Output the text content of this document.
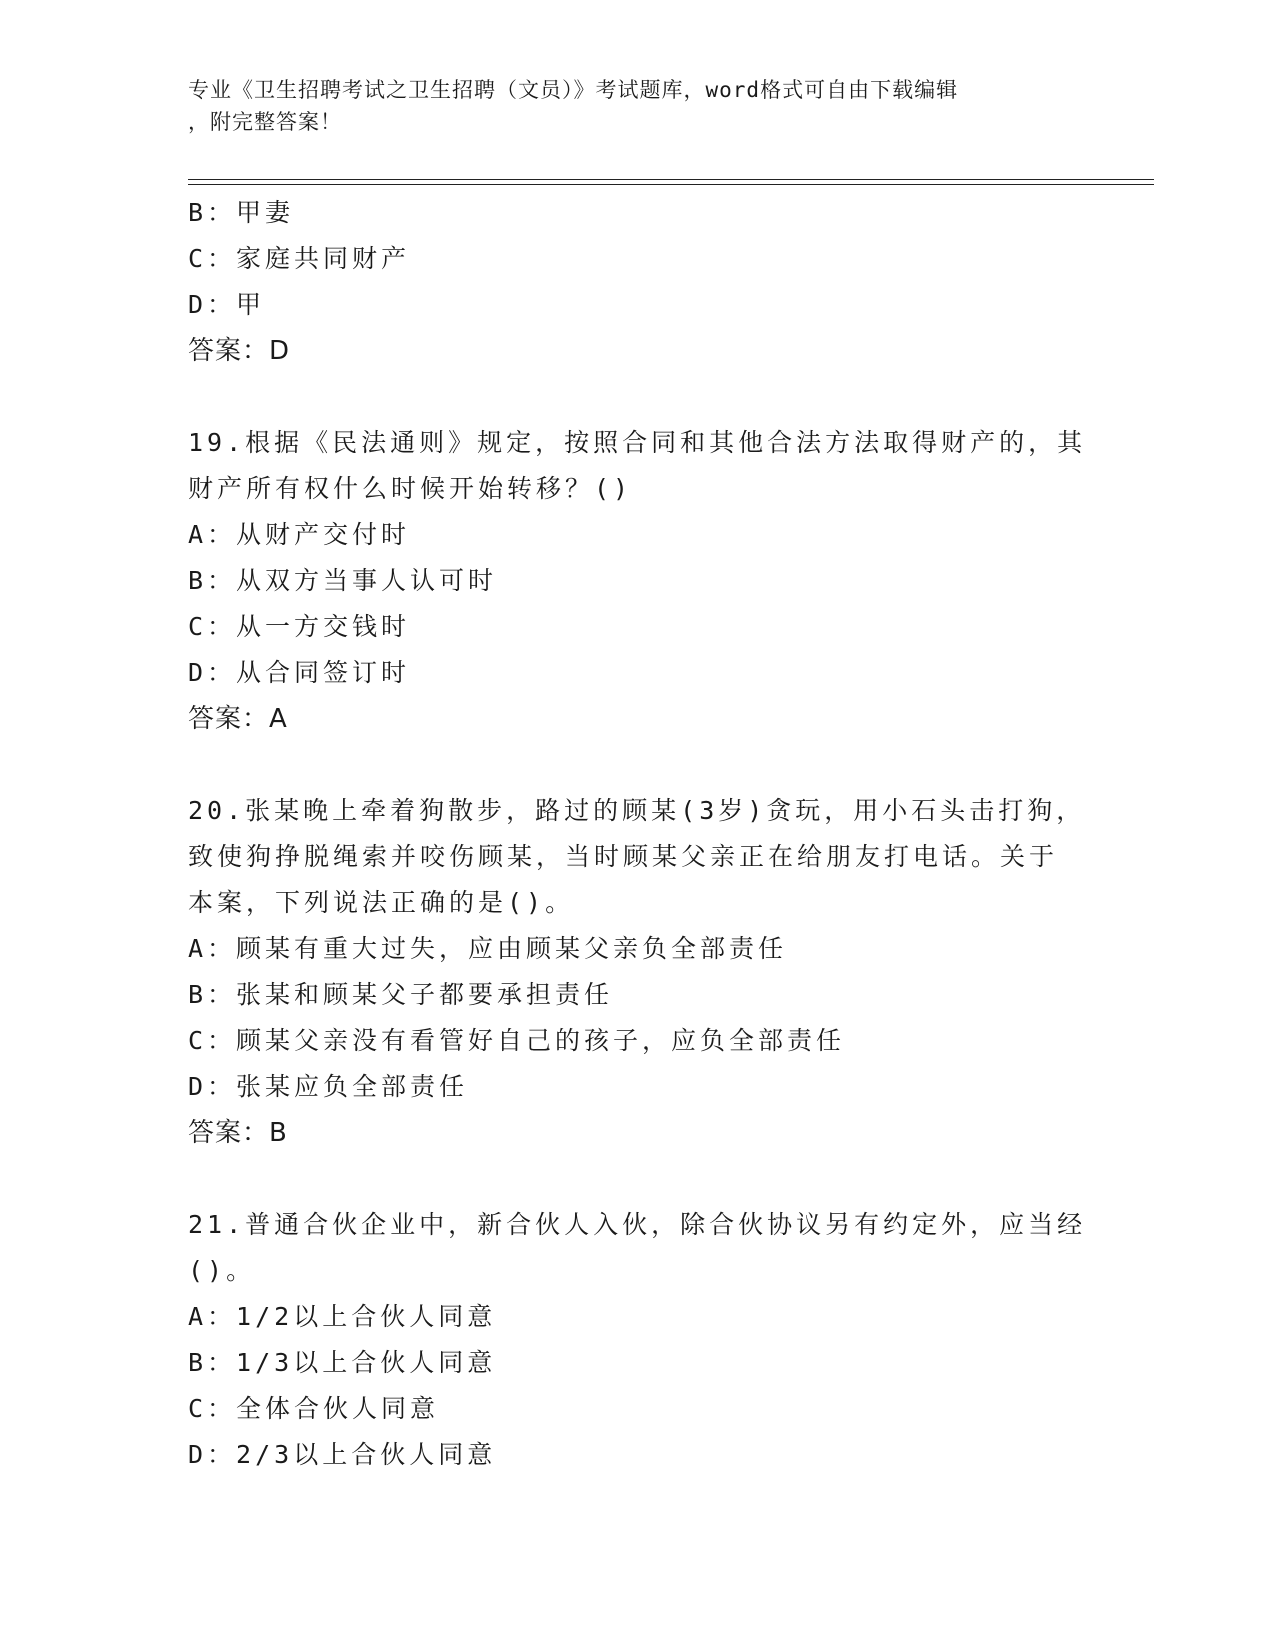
专业《卫生招聘考试之卫生招聘（文员）》考试题库，word格式可自由下载编辑
，附完整答案！
B：甲妻
C：家庭共同财产
D：甲
答案：D
19.根据《民法通则》规定，按照合同和其他合法方法取得财产的，其
财产所有权什么时候开始转移？()
A：从财产交付时
B：从双方当事人认可时
C：从一方交钱时
D：从合同签订时
答案：A
20.张某晚上牵着狗散步，路过的顾某(3岁)贪玩，用小石头击打狗，
致使狗挣脱绳索并咬伤顾某，当时顾某父亲正在给朋友打电话。关于
本案，下列说法正确的是()。
A：顾某有重大过失，应由顾某父亲负全部责任
B：张某和顾某父子都要承担责任
C：顾某父亲没有看管好自己的孩子，应负全部责任
D：张某应负全部责任
答案：B
21.普通合伙企业中，新合伙人入伙，除合伙协议另有约定外，应当经
()。
A：1/2以上合伙人同意
B：1/3以上合伙人同意
C：全体合伙人同意
D：2/3以上合伙人同意
